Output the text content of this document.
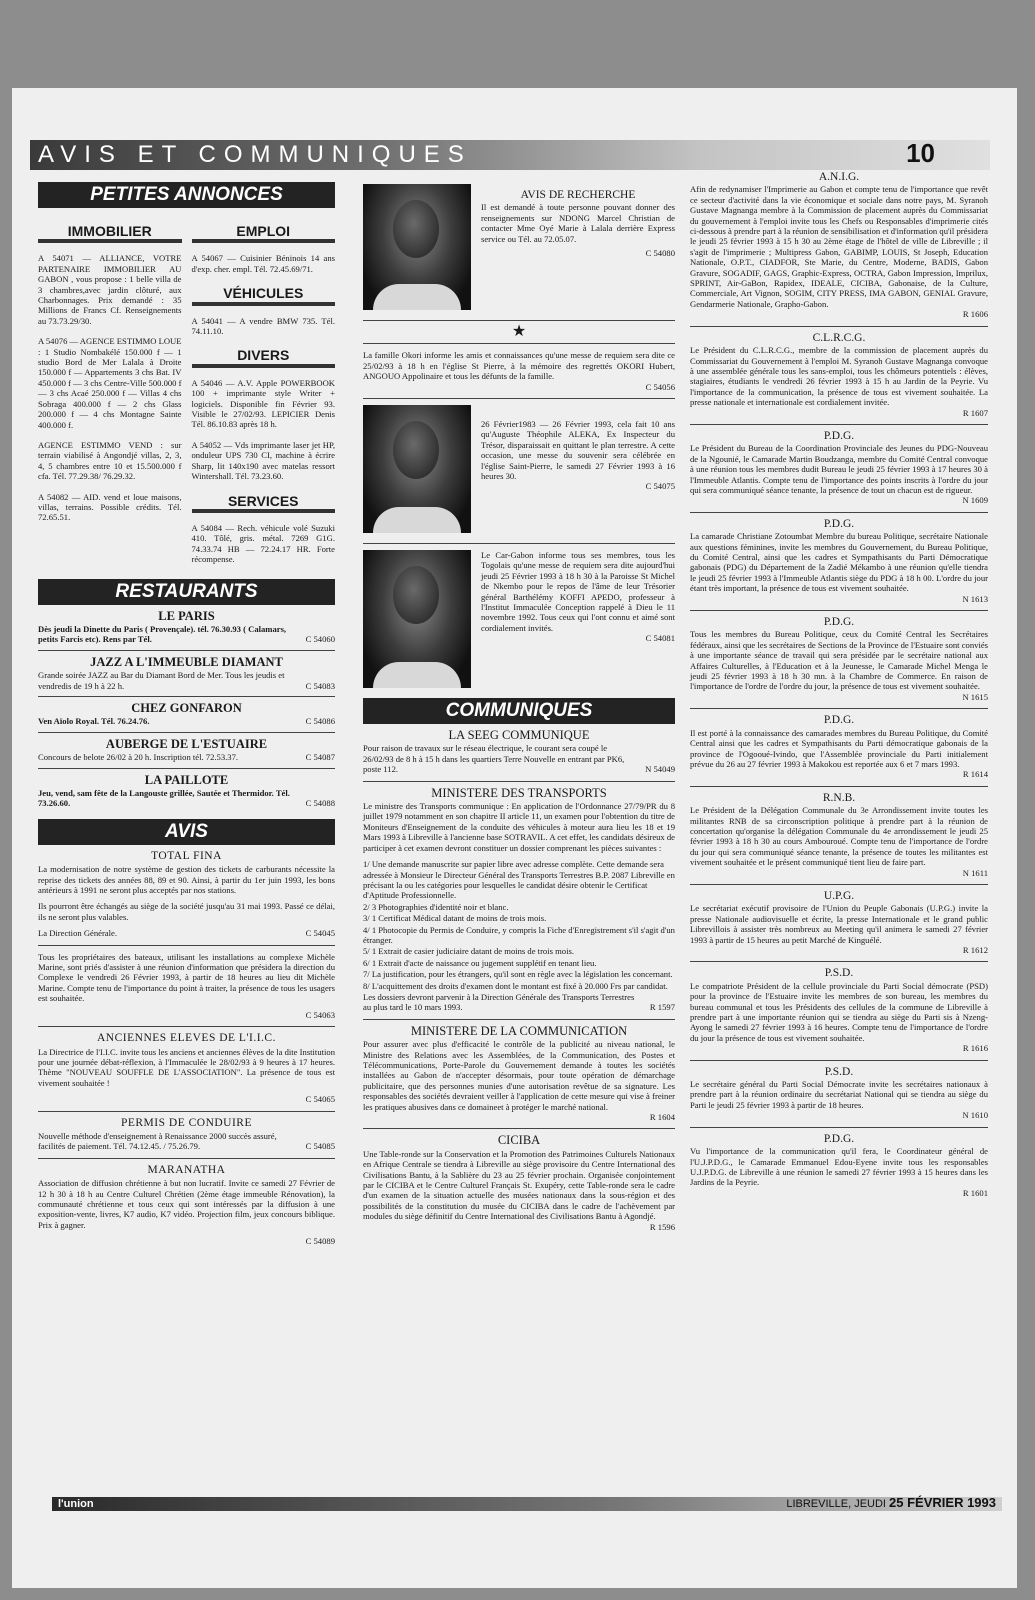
AVIS ET COMMUNIQUES	10
PETITES ANNONCES
IMMOBILIER

A 54071 — ALLIANCE, VOTRE PARTENAIRE IMMOBILIER AU GABON , vous propose : 1 belle villa de 3 chambres,avec jardin clôturé, aux Charbonnages. Prix demandé : 35 Millions de Francs Cf. Renseignements au 73.73.29/30.

A 54076 — AGENCE ESTIMMO LOUE : 1 Studio Nombakélé 150.000 f — 1 studio Bord de Mer Lalala à Droite 150.000 f — Appartements 3 chs Bat. IV 450.000 f — 3 chs Centre-Ville 500.000 f — 3 chs Acaé 250.000 f — Villas 4 chs Sobraga 400.000 f — 2 chs Glass 200.000 f — 4 chs Montagne Sainte 400.000 f.

AGENCE ESTIMMO VEND : sur terrain viabilisé à Angondjé villas, 2, 3, 4, 5 chambres entre 10 et 15.500.000 f cfa. Tél. 77.29.38/ 76.29.32.

A 54082 — AID. vend et loue maisons, villas, terrains. Possible crédits. Tél. 72.65.51.

EMPLOI

A 54067 — Cuisinier Béninois 14 ans d'exp. cher. empl. Tél. 72.45.69/71.

VÉHICULES

A 54041 — A vendre BMW 735. Tél. 74.11.10.

DIVERS

A 54046 — A.V. Apple POWERBOOK 100 + imprimante style Writer + logiciels. Disponible fin Février 93. Visible le 27/02/93. LEPICIER Denis Tél. 86.10.83 après 18 h.

A 54052 — Vds imprimante laser jet HP, onduleur UPS 730 CI, machine à écrire Sharp, lit 140x190 avec matelas ressort Wintershall. Tél. 73.23.60.

SERVICES

A 54084 — Rech. véhicule volé Suzuki 410. Tôlé, gris. métal. 7269 G1G. 74.33.74 HB — 72.24.17 HR. Forte récompense.

RESTAURANTS
LE PARIS
Dès jeudi la Dinette du Paris ( Provençale). tél. 76.30.93 ( Calamars, petits Farcis etc). Rens par Tél.	C 54060
JAZZ A L'IMMEUBLE DIAMANT
Grande soirée JAZZ au Bar du Diamant Bord de Mer. Tous les jeudis et vendredis de 19 h à 22 h.	C 54083
CHEZ GONFARON
Ven Aïolo Royal. Tél. 76.24.76.	C 54086
AUBERGE DE L'ESTUAIRE
Concours de belote 26/02 à 20 h. Inscription tél. 72.53.37.	C 54087
LA PAILLOTE
Jeu, vend, sam fête de la Langouste grillée, Sautée et Thermidor. Tél. 73.26.60.	C 54088
AVIS
TOTAL FINA

La modernisation de notre système de gestion des tickets de carburants nécessite la reprise des tickets des années 88, 89 et 90. Ainsi, à partir du 1er juin 1993, les bons antérieurs à 1991 ne seront plus acceptés par nos stations.

Ils pourront être échangés au siège de la société jusqu'au 31 mai 1993. Passé ce délai, ils ne seront plus valables.

La Direction Générale.	C 54045
Tous les propriétaires des bateaux, utilisant les installations au complexe Michèle Marine, sont priés d'assister à une réunion d'information que présidera la direction du Complexe le vendredi 26 Février 1993, à partir de 18 heures au lieu dit Michèle Marine. Compte tenu de l'importance du point à traiter, la présence de tous les usagers est souhaitée.
C 54063
ANCIENNES ELEVES DE L'I.I.C.

La Directrice de l'I.I.C. invite tous les anciens et anciennes élèves de la dite Institution pour une journée débat-réflexion, à l'Immaculée le 28/02/93 à 9 heures à 17 heures. Thème "NOUVEAU SOUFFLE DE L'ASSOCIATION". La présence de tous est vivement souhaitée !

C 54065
PERMIS DE CONDUIRE
Nouvelle méthode d'enseignement à Renaissance 2000 succès assuré, facilités de paiement. Tél. 74.12.45. / 75.26.79.	C 54085
MARANATHA

Association de diffusion chrétienne à but non lucratif. Invite ce samedi 27 Février de 12 h 30 à 18 h au Centre Culturel Chrétien (2ème étage immeuble Rénovation), la communauté chrétienne et tous ceux qui sont intéressés par la diffusion à une exposition-vente, livres, K7 audio, K7 vidéo. Projection film, jeux concours biblique. Prix à gagner.

C 54089
AVIS DE RECHERCHE
Il est demandé à toute personne pouvant donner des renseignements sur NDONG Marcel Christian de contacter Mme Oyé Marie à Lalala derrière Express service ou Tél. au 72.05.07.
C 54080
★

La famille Okori informe les amis et connaissances qu'une messe de requiem sera dite ce 25/02/93 à 18 h en l'église St Pierre, à la mémoire des regrettés OKORI Hubert, ANGOUO Appolinaire et tous les défunts de la famille.

C 54056
26 Février1983 — 26 Février 1993, cela fait 10 ans qu'Auguste Théophile ALEKA, Ex Inspecteur du Trésor, disparaissait en quittant le plan terrestre. A cette occasion, une messe du souvenir sera célébrée en l'église Saint-Pierre, le samedi 27 Février 1993 à 16 heures 30.
C 54075
Le Car-Gabon informe tous ses membres, tous les Togolais qu'une messe de requiem sera dite aujourd'hui jeudi 25 Février 1993 à 18 h 30 à la Paroisse St Michel de Nkembo pour le repos de l'âme de leur Trésorier général Barthélémy KOFFI APEDO, professeur à l'Institut Immaculée Conception rappelé à Dieu le 11 novembre 1992. Tous ceux qui l'ont connu et aimé sont cordialement invités.
C 54081
COMMUNIQUES
LA SEEG COMMUNIQUE
Pour raison de travaux sur le réseau électrique, le courant sera coupé le 26/02/93 de 8 h à 15 h dans les quartiers Terre Nouvelle en entrant par PK6, poste 112.	N 54049
MINISTERE DES TRANSPORTS

Le ministre des Transports communique : En application de l'Ordonnance 27/79/PR du 8 juillet 1979 notamment en son chapitre II article 11, un examen pour l'obtention du titre de Moniteurs d'Enseignement de la conduite des véhicules à moteur aura lieu les 18 et 19 Mars 1993 à Libreville à l'ancienne base SOTRAVIL. A cet effet, les candidats désireux de participer à cet examen devront constituer un dossier comprenant les pièces suivantes :

1/ Une demande manuscrite sur papier libre avec adresse complète. Cette demande sera adressée à Monsieur le Directeur Général des Transports Terrestres B.P. 2087 Libreville en précisant la ou les catégories pour lesquelles le candidat désire obtenir le Certificat d'Aptitude Professionnelle.
2/ 3 Photographies d'identité noir et blanc.
3/ 1 Certificat Médical datant de moins de trois mois.
4/ 1 Photocopie du Permis de Conduire, y compris la Fiche d'Enregistrement s'il s'agit d'un étranger.
5/ 1 Extrait de casier judiciaire datant de moins de trois mois.
6/ 1 Extrait d'acte de naissance ou jugement supplétif en tenant lieu.
7/ La justification, pour les étrangers, qu'il sont en règle avec la législation les concernant.
8/ L'acquittement des droits d'examen dont le montant est fixé à 20.000 Frs par candidat.
Les dossiers devront parvenir à la Direction Générale des Transports Terrestres au plus tard le 10 mars 1993.	R 1597
MINISTERE DE LA COMMUNICATION

Pour assurer avec plus d'efficacité le contrôle de la publicité au niveau national, le Ministre des Relations avec les Assemblées, de la Communication, des Postes et Télécommunications, Porte-Parole du Gouvernement demande à toutes les sociétés installées au Gabon de n'accepter désormais, pour toute opération de démarchage publicitaire, que des personnes munies d'une autorisation revêtue de sa signature. Les responsables des sociétés devraient veiller à l'application de cette mesure qui vise à freiner les pratiques abusives dans ce domaineet à protéger le marché national.

R 1604
CICIBA

Une Table-ronde sur la Conservation et la Promotion des Patrimoines Culturels Nationaux en Afrique Centrale se tiendra à Libreville au siège provisoire du Centre International des Civilisations Bantu, à la Sablière du 23 au 25 février prochain. Organisée conjointement par le CICIBA et le Centre Culturel Français St. Exupéry, cette Table-ronde sera le cadre d'un examen de la situation actuelle des musées nationaux dans la sous-région et des possibilités de la constitution du musée du CICIBA dans le cadre de l'achèvement par modules du siège définitif du Centre International des Civilisations Bantu à Agondjé.

R 1596
A.N.I.G.

Afin de redynamiser l'Imprimerie au Gabon et compte tenu de l'importance que revêt ce secteur d'activité dans la vie économique et sociale dans notre pays, M. Syranoh Gustave Magnanga membre à la Commission de placement auprès du Commissariat du gouvernement à l'emploi invite tous les Chefs ou Responsables d'imprimerie cités ci-dessous à prendre part à la réunion de sensibilisation et d'information qu'il présidera le jeudi 25 février 1993 à 15 h 30 au 2ème étage de l'hôtel de ville de Libreville ; il s'agit de l'imprimerie ; Multipress Gabon, GABIMP, LOUIS, St Joseph, Education Nationale, O.P.T., CIADFOR, Ste Marie, du Centre, Moderne, BADIS, Gabon Gravure, SOGADIF, GAGS, Graphic-Express, OCTRA, Gabon Impression, Imprilux, SPRINT, Air-GaBon, Rapidex, IDEALE, CICIBA, Gabonaise, de la Culture, Commerciale, Art Vignon, SOGIM, CITY PRESS, IMA GABON, GENIAL Gravure, Gendarmerie Nationale, Grapho-Gabon.

R 1606
C.L.R.C.G.

Le Président du C.L.R.C.G., membre de la commission de placement auprès du Commissariat du Gouvernement à l'emploi M. Syranoh Gustave Magnanga convoque à une assemblée générale tous les sans-emploi, tous les chômeurs potentiels : élèves, stagiaires, étudiants le vendredi 26 février 1993 à 15 h au Jardin de la Peyrie. Vu l'importance de la communication, la présence de tous est vivement souhaitée. La presse nationale et internationale est cordialement invitée.

R 1607
P.D.G.

Le Président du Bureau de la Coordination Provinciale des Jeunes du PDG-Nouveau de la Ngounié, le Camarade Martin Boudzanga, membre du Comité Central convoque à une réunion tous les membres dudit Bureau le jeudi 25 février 1993 à 17 heures 30 à l'Immeuble Atlantis. Compte tenu de l'importance des points inscrits à l'ordre du jour qui sera communiqué séance tenante, la présence de tout un chacun est de rigueur.

N 1609
P.D.G.

La camarade Christiane Zotoumbat Membre du bureau Politique, secrétaire Nationale aux questions féminines, invite les membres du Gouvernement, du Bureau Politique, du Comité Central, ainsi que les cadres et Sympathisants du Parti Démocratique gabonais (PDG) du Département de la Zadié Mékambo à une réunion qu'elle tiendra le jeudi 25 février 1993 à l'Immeuble Atlantis siège du PDG à 18 h 00. L'ordre du jour étant très important, la présence de tous est vivement souhaitée.

N 1613
P.D.G.

Tous les membres du Bureau Politique, ceux du Comité Central les Secrétaires fédéraux, ainsi que les secrétaires de Sections de la Province de l'Estuaire sont conviés à une importante séance de travail qui sera présidée par le secrétaire national aux Affaires Culturelles, à l'Education et à la Jeunesse, le Camarade Michel Menga le jeudi 25 février 1993 à 18 h 30 mn. à la Chambre de Commerce. En raison de l'importance de l'ordre de l'ordre du jour, la présence de tous est vivement souhaitée.

N 1615
P.D.G.

Il est porté à la connaissance des camarades membres du Bureau Politique, du Comité Central ainsi que les cadres et Sympathisants du Parti démocratique gabonais de la province de l'Ogooué-Ivindo, que l'Assemblée provinciale du Parti initialement prévue du 26 au 27 février 1993 à Makokou est reportée aux 6 et 7 mars 1993.

R 1614
R.N.B.

Le Président de la Délégation Communale du 3e Arrondissement invite toutes les militantes RNB de sa circonscription politique à prendre part à la réunion de concertation qu'organise la délégation Communale du 4e arrondissement le jeudi 25 février 1993 à 18 h 30 au cours Ambouroué. Compte tenu de l'importance de l'ordre du jour qui sera communiqué séance tenante, la présence de toutes les militantes est vivement souhaitée et le présent communiqué tient lieu de faire part.

N 1611
U.P.G.

Le secrétariat exécutif provisoire de l'Union du Peuple Gabonais (U.P.G.) invite la presse Nationale audiovisuelle et écrite, la presse Internationale et le grand public Librevillois à assister très nombreux au Meeting qu'il animera le samedi 27 février 1993 à partir de 15 heures au petit Marché de Kinguélé.

R 1612
P.S.D.

Le compatriote Président de la cellule provinciale du Parti Social démocrate (PSD) pour la province de l'Estuaire invite les membres de son bureau, les membres du bureau communal et tous les Présidents des cellules de la commune de Libreville à prendre part à une importante réunion qui se tiendra au siège du Parti sis à Nzeng-Ayong le samedi 27 février 1993 à 16 heures. Compte tenu de l'importance de l'ordre du jour la présence de tous est vivement souhaitée.

R 1616
P.S.D.

Le secrétaire général du Parti Social Démocrate invite les secrétaires nationaux à prendre part à la réunion ordinaire du secrétariat National qui se tiendra au siège du Parti le jeudi 25 février 1993 à partir de 18 heures.

N 1610
P.D.G.

Vu l'importance de la communication qu'il fera, le Coordinateur général de l'U.J.P.D.G., le Camarade Emmanuel Edou-Eyene invite tous les responsables U.J.P.D.G. de Libreville à une réunion le samedi 27 février 1993 à 15 heures dans les Jardins de la Peyrie.

R 1601
l'union	LIBREVILLE, JEUDI 25 FÉVRIER 1993
